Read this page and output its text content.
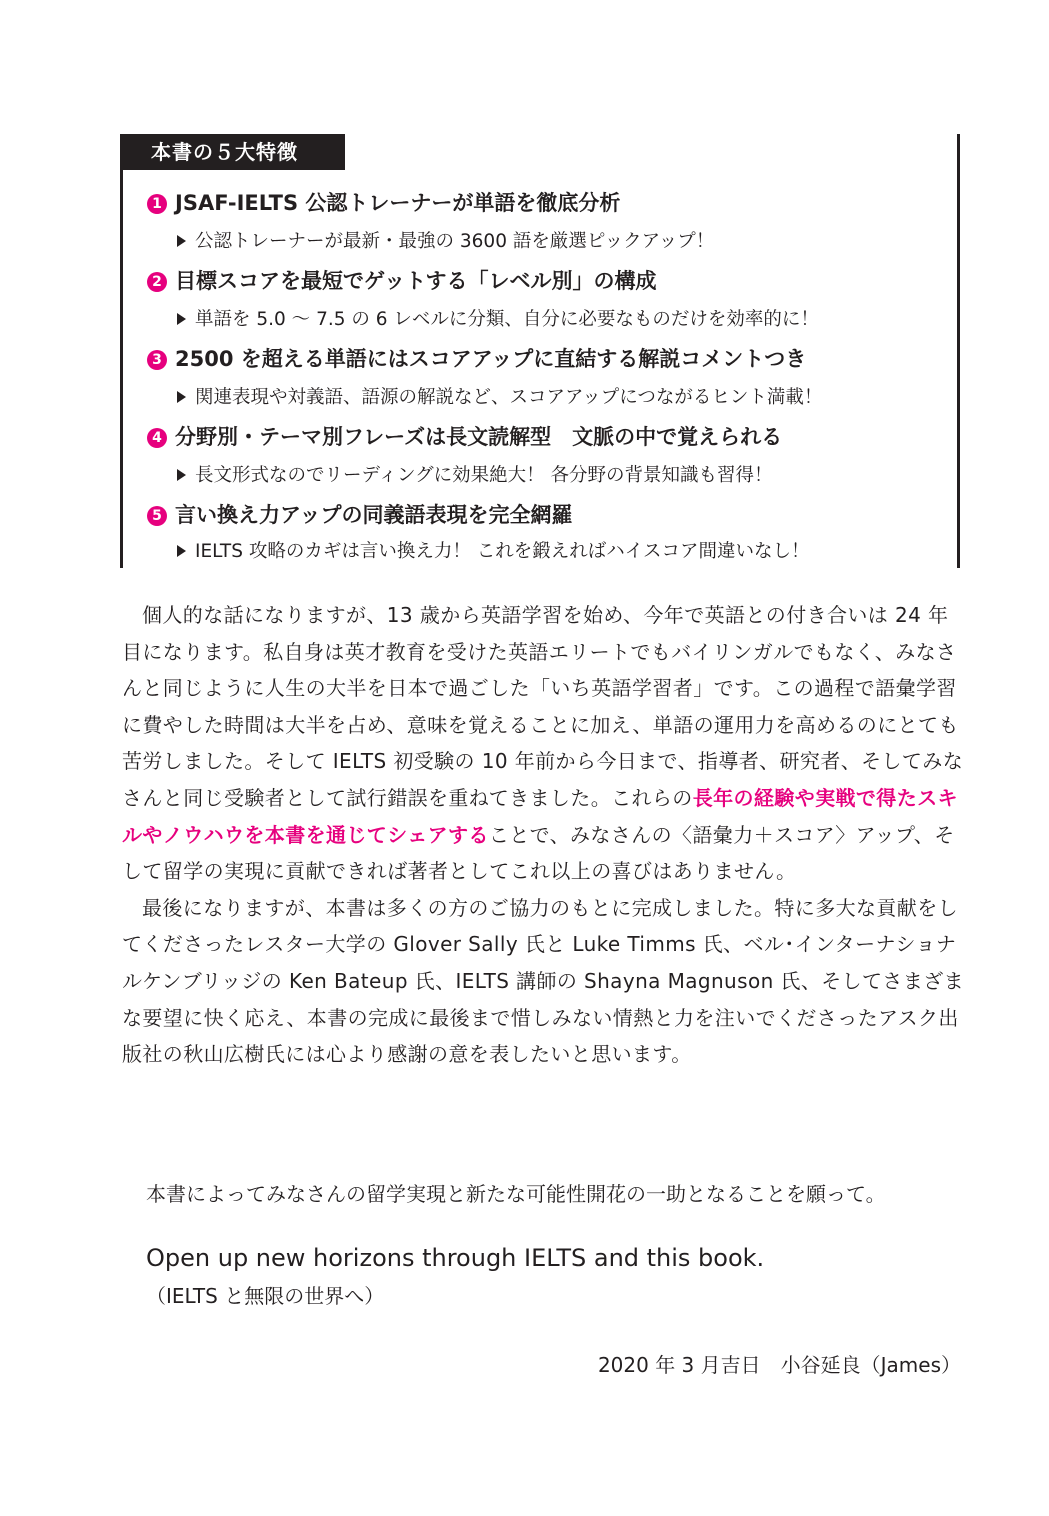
本書の５大特徴
1 JSAF-IELTS 公認トレーナーが単語を徹底分析
公認トレーナーが最新・最強の 3600 語を厳選ピックアップ！
2 目標スコアを最短でゲットする「レベル別」の構成
単語を 5.0 ～ 7.5 の 6 レベルに分類、自分に必要なものだけを効率的に！
3 2500 を超える単語にはスコアアップに直結する解説コメントつき
関連表現や対義語、語源の解説など、スコアアップにつながるヒント満載！
4 分野別・テーマ別フレーズは長文読解型　文脈の中で覚えられる
長文形式なのでリーディングに効果絶大！ 各分野の背景知識も習得！
5 言い換え力アップの同義語表現を完全網羅
IELTS 攻略のカギは言い換え力！ これを鍛えればハイスコア間違いなし！

個人的な話になりますが、13 歳から英語学習を始め、今年で英語との付き合いは 24 年目になります。私自身は英才教育を受けた英語エリートでもバイリンガルでもなく、みなさんと同じように人生の大半を日本で過ごした「いち英語学習者」です。この過程で語彙学習に費やした時間は大半を占め、意味を覚えることに加え、単語の運用力を高めるのにとても苦労しました。そして IELTS 初受験の 10 年前から今日まで、指導者、研究者、そしてみなさんと同じ受験者として試行錯誤を重ねてきました。これらの長年の経験や実戦で得たスキルやノウハウを本書を通じてシェアすることで、みなさんの〈語彙力＋スコア〉アップ、そして留学の実現に貢献できれば著者としてこれ以上の喜びはありません。

最後になりますが、本書は多くの方のご協力のもとに完成しました。特に多大な貢献をしてくださったレスター大学の Glover Sally 氏と Luke Timms 氏、ベル･インターナショナルケンブリッジの Ken Bateup 氏、IELTS 講師の Shayna Magnuson 氏、そしてさまざまな要望に快く応え、本書の完成に最後まで惜しみない情熱と力を注いでくださったアスク出版社の秋山広樹氏には心より感謝の意を表したいと思います。

本書によってみなさんの留学実現と新たな可能性開花の一助となることを願って。
Open up new horizons through IELTS and this book.
（IELTS と無限の世界へ）
2020 年 3 月吉日　小谷延良（James）
